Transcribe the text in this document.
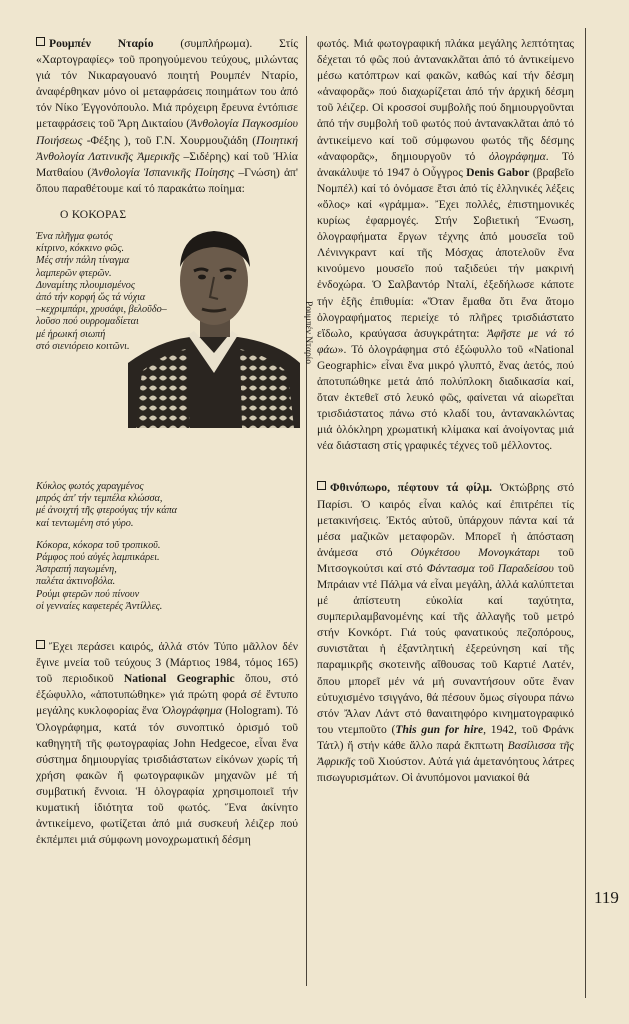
Ρουμπέν Νταρίο (συμπλήρωμα). Στίς «Χαρτογραφίες» τοῦ προηγούμενου τεύχους, μιλώντας γιά τόν Νικαραγουανό ποιητή Ρουμπέν Νταρίο, ἀναφέρθηκαν μόνο οἱ μεταφράσεις ποιημάτων του ἀπό τόν Νίκο Ἐγγονόπουλο. Μιά πρόχειρη ἔρευνα ἐντόπισε μεταφράσεις τοῦ Ἄρη Δικταίου (Ἀνθολογία Παγκοσμίου Ποιήσεως -Φέξης ), τοῦ Γ.Ν. Χουρμουζιάδη (Ποιητική Ἀνθολογία Λατινικῆς Ἀμερικῆς –Σιδέρης) καί τοῦ Ἠλία Ματθαίου (Ἀνθολογία Ἱσπανικῆς Ποίησης –Γνώση) ἀπ' ὅπου παραθέτουμε καί τό παρακάτω ποίημα:

Ο ΚΟΚΟΡΑΣ
Ένα πλῆγμα φωτός
κίτρινο, κόκκινο φῶς.
Μές στήν πάλη τίναγμα
λαμπερῶν φτερῶν.
Δυναμίτης πλουμισμένος
ἀπό τήν κορφή ὥς τά νύχια
–κεχριμπάρι, χρυσάφι, βελοῦδο–
λοῦσο πού ουρρομαδίεται
μέ ἡρωική σιωπή
στό σιενιόρειο κοιτῶνι.	Ρουμπέν Νταρίο
Κύκλος φωτός χαραγμένος
μπρός ἀπ' τήν τεμπέλα κλώσσα,
μέ ἀνοιχτή τῆς φτερούγας τήν κάπα
καί τεντωμένη στό γύρο.
Κόκορα, κόκορα τοῦ τροπικοῦ.
Ράμφος πού αὐγές λαμπικάρει.
Ἀστραπή παγωμένη,
παλέτα ἀκτινοβόλα.
Ρούμι φτερῶν πού πίνουν
οἱ γενναίες καφετερές Ἀντίλλες.

Ἔχει περάσει καιρός, ἀλλά στόν Τύπο μᾶλλον δέν ἔγινε μνεία τοῦ τεύχους 3 (Μάρτιος 1984, τόμος 165) τοῦ περιοδικοῦ National Geographic ὅπου, στό ἐξώφυλλο, «ἀποτυπώθηκε» γιά πρώτη φορά σέ ἔντυπο μεγάλης κυκλοφορίας ἕνα Ὁλογράφημα (Hologram). Τό Ὁλογράφημα, κατά τόν συνοπτικό ὁρισμό τοῦ καθηγητῆ τῆς φωτογραφίας John Hedgecoe, εἶναι ἕνα σύστημα δημιουργίας τρισδιάστατων εἰκόνων χωρίς τή χρήση φακῶν ἤ φωτογραφικῶν μηχανῶν μέ τή συμβατική ἔννοια. Ἡ ὁλογραφία χρησιμοποιεῖ τήν κυματική ἰδιότητα τοῦ φωτός. Ἕνα ἀκίνητο ἀντικείμενο, φωτίζεται ἀπό μιά συσκευή λέιζερ πού ἐκπέμπει μιά σύμφωνη μονοχρωματική δέσμη

φωτός. Μιά φωτογραφική πλάκα μεγάλης λεπτότητας δέχεται τό φῶς πού ἀντανακλᾶται ἀπό τό ἀντικείμενο μέσω κατόπτρων καί φακῶν, καθώς καί τήν δέσμη «ἀναφορᾶς» πού διαχωρίζεται ἀπό τήν ἀρχική δέσμη τοῦ λέιζερ. Οἱ κροσσοί συμβολῆς πού δημιουργοῦνται ἀπό τήν συμβολή τοῦ φωτός πού ἀντανακλᾶται ἀπό τό ἀντικείμενο καί τοῦ σύμφωνου φωτός τῆς δέσμης «ἀναφορᾶς», δημιουργοῦν τό ὁλογράφημα. Τό ἀνακάλυψε τό 1947 ὁ Οὖγγρος Denis Gabor (βραβεῖο Νομπέλ) καί τό ὀνόμασε ἔτσι ἀπό τίς ἑλληνικές λέξεις «ὅλος» καί «γράμμα». Ἔχει πολλές, ἐπιστημονικές κυρίως ἐφαρμογές. Στήν Σοβιετική Ἕνωση, ὁλογραφήματα ἔργων τέχνης ἀπό μουσεῖα τοῦ Λένινγκραντ καί τῆς Μόσχας ἀποτελοῦν ἕνα κινούμενο μουσεῖο πού ταξιδεύει τήν μακρινή ἐνδοχώρα. Ὁ Σαλβαντόρ Νταλί, ἐξεδήλωσε κάποτε τήν ἑξῆς ἐπιθυμία: «Ὅταν ἔμαθα ὅτι ἕνα ἄτομο ὁλογραφήματος περιείχε τό πλῆρες τρισδιάστατο εἴδωλο, κραύγασα ἀσυγκράτητα: Ἀφῆστε με νά τό φάω». Τό ὁλογράφημα στό ἐξώφυλλο τοῦ «National Geographic» εἶναι ἕνα μικρό γλυπτό, ἕνας ἀετός, πού ἀποτυπώθηκε μετά ἀπό πολύπλοκη διαδικασία καί, ὅταν ἐκτεθεῖ στό λευκό φῶς, φαίνεται νά αἰωρεῖται τρισδιάστατος πάνω στό κλαδί του, ἀντανακλώντας μιά ὁλόκληρη χρωματική κλίμακα καί ἀνοίγοντας μιά νέα διάσταση στίς γραφικές τέχνες τοῦ μέλλοντος.

Φθινόπωρο, πέφτουν τά φίλμ. Ὀκτώβρης στό Παρίσι. Ὁ καιρός εἶναι καλός καί ἐπιτρέπει τίς μετακινήσεις. Ἐκτός αὐτοῦ, ὑπάρχουν πάντα καί τά μέσα μαζικῶν μεταφορῶν. Μπορεῖ ἡ ἀπόσταση ἀνάμεσα στό Οὐγκέτσου Μονογκάταρι τοῦ Μιτσογκούτσι καί στό Φάντασμα τοῦ Παραδείσου τοῦ Μπράιαν ντέ Πάλμα νά εἶναι μεγάλη, ἀλλά καλύπτεται μέ ἀπίστευτη εὐκολία καί ταχύτητα, συμπεριλαμβανομένης καί τῆς ἀλλαγῆς τοῦ μετρό στήν Κονκόρτ. Γιά τούς φανατικούς πεζοπόρους, συνιστᾶται ἡ ἐξαντλητική ἐξερεύνηση καί τῆς παραμικρῆς σκοτεινῆς αἴθουσας τοῦ Καρτιέ Λατέν, ὅπου μπορεῖ μέν νά μή συναντήσουν οὔτε ἕναν εὐτυχισμένο τσιγγάνο, θά πέσουν ὅμως σίγουρα πάνω στόν Ἄλαν Λάντ στό θαναιτηφόρο κινηματογραφικό του ντεμποῦτο (This gun for hire, 1942, τοῦ Φράνκ Τάτλ) ἤ στήν κάθε ἄλλο παρά ἔκπτωτη Βασίλισσα τῆς Ἀφρικῆς τοῦ Χιούστον. Αὐτά γιά ἀμετανόητους λάτρες πισωγυρισμάτων. Οἱ ἀνυπόμονοι μανιακοί θά

119
